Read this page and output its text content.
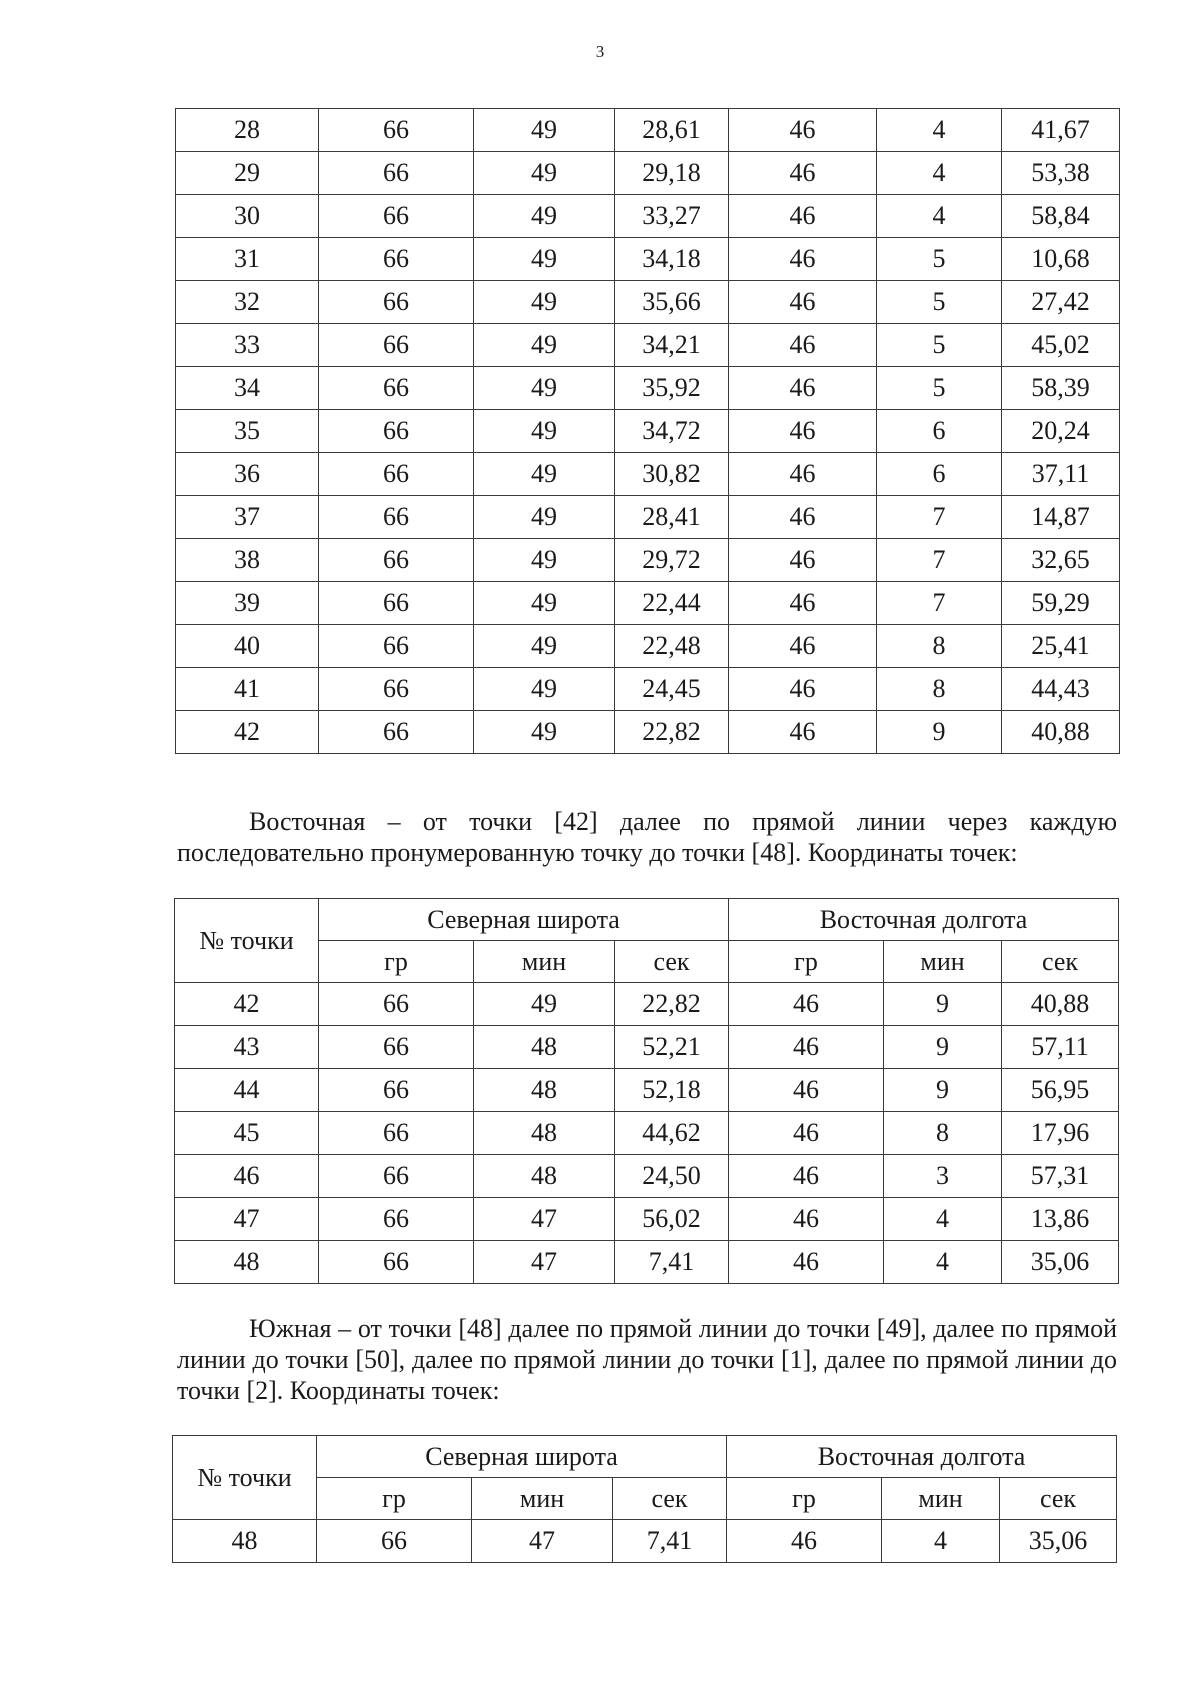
3
28	66	49	28,61	46	4	41,67
29	66	49	29,18	46	4	53,38
30	66	49	33,27	46	4	58,84
31	66	49	34,18	46	5	10,68
32	66	49	35,66	46	5	27,42
33	66	49	34,21	46	5	45,02
34	66	49	35,92	46	5	58,39
35	66	49	34,72	46	6	20,24
36	66	49	30,82	46	6	37,11
37	66	49	28,41	46	7	14,87
38	66	49	29,72	46	7	32,65
39	66	49	22,44	46	7	59,29
40	66	49	22,48	46	8	25,41
41	66	49	24,45	46	8	44,43
42	66	49	22,82	46	9	40,88

Восточная – от точки [42] далее по прямой линии через каждую последовательно пронумерованную точку до точки [48]. Координаты точек:

№ точки	Северная широта			Восточная долгота		
	гр	мин	сек	гр	мин	сек
42	66	49	22,82	46	9	40,88
43	66	48	52,21	46	9	57,11
44	66	48	52,18	46	9	56,95
45	66	48	44,62	46	8	17,96
46	66	48	24,50	46	3	57,31
47	66	47	56,02	46	4	13,86
48	66	47	7,41	46	4	35,06

Южная – от точки [48] далее по прямой линии до точки [49], далее по прямой линии до точки [50], далее по прямой линии до точки [1], далее по прямой линии до точки [2]. Координаты точек:

№ точки	Северная широта			Восточная долгота		
	гр	мин	сек	гр	мин	сек
48	66	47	7,41	46	4	35,06
